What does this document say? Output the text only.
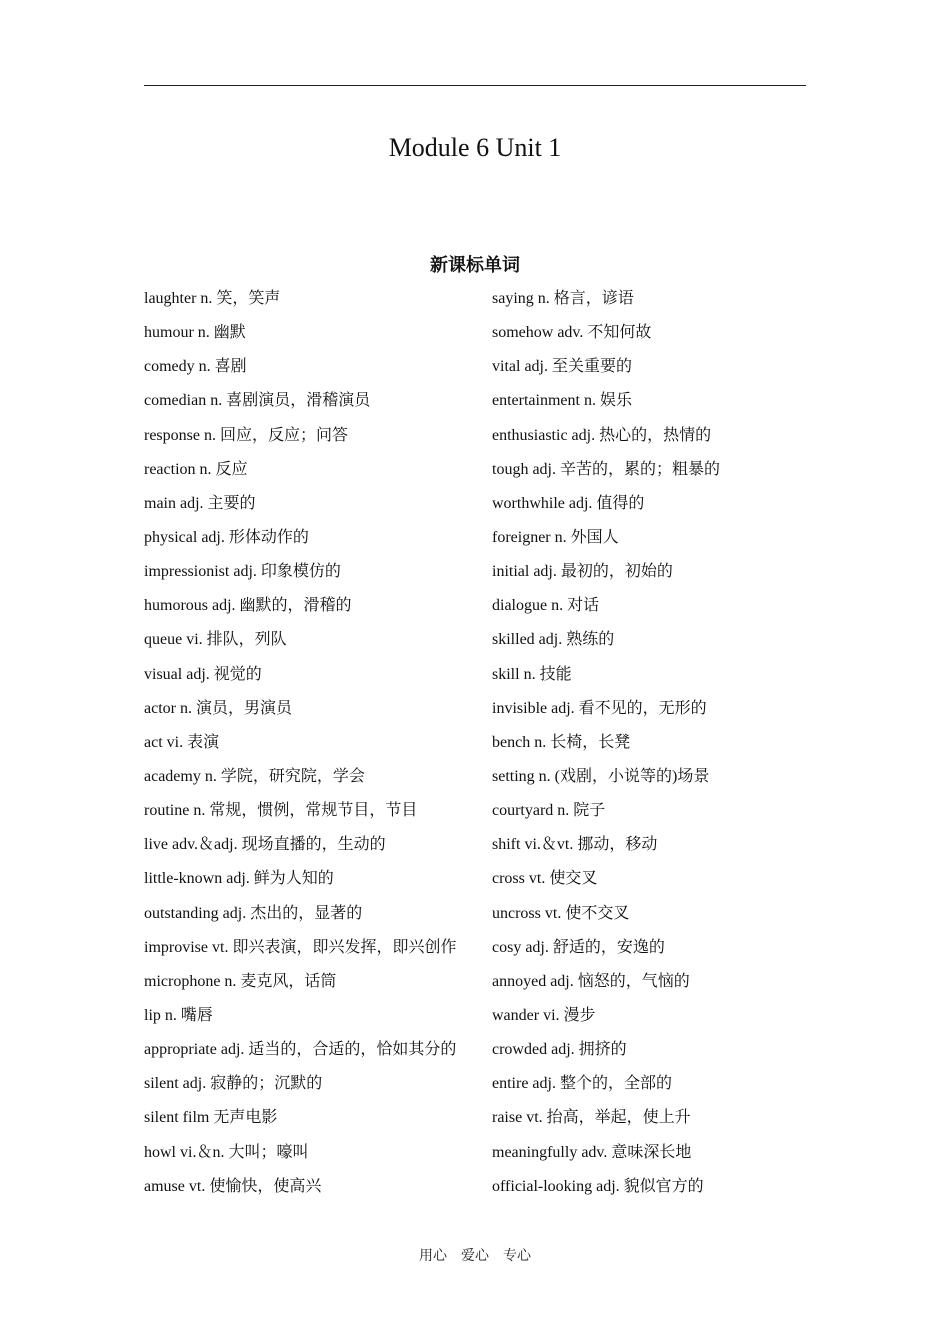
Module 6 Unit 1
新课标单词
laughter n. 笑，笑声
humour n. 幽默
comedy n. 喜剧
comedian n. 喜剧演员，滑稽演员
response n. 回应，反应；问答
reaction n. 反应
main adj. 主要的
physical adj. 形体动作的
impressionist adj. 印象模仿的
humorous adj. 幽默的，滑稽的
queue vi. 排队，列队
visual adj. 视觉的
actor n. 演员，男演员
act vi. 表演
academy n. 学院，研究院，学会
routine n. 常规，惯例，常规节目，节目
live adv.＆adj. 现场直播的，生动的
little-known adj. 鲜为人知的
outstanding adj. 杰出的，显著的
improvise vt. 即兴表演，即兴发挥，即兴创作
microphone n. 麦克风，话筒
lip n. 嘴唇
appropriate adj. 适当的，合适的，恰如其分的
silent adj. 寂静的；沉默的
silent film 无声电影
howl vi.＆n. 大叫；嚎叫
amuse vt. 使愉快，使高兴
saying n. 格言，谚语
somehow adv. 不知何故
vital adj. 至关重要的
entertainment n. 娱乐
enthusiastic adj. 热心的，热情的
tough adj. 辛苦的，累的；粗暴的
worthwhile adj. 值得的
foreigner n. 外国人
initial adj. 最初的，初始的
dialogue n. 对话
skilled adj. 熟练的
skill n. 技能
invisible adj. 看不见的，无形的
bench n. 长椅，长凳
setting n. (戏剧，小说等的)场景
courtyard n. 院子
shift vi.＆vt. 挪动，移动
cross vt. 使交叉
uncross vt. 使不交叉
cosy adj. 舒适的，安逸的
annoyed adj. 恼怒的，气恼的
wander vi. 漫步
crowded adj. 拥挤的
entire adj. 整个的，全部的
raise vt. 抬高，举起，使上升
meaningfully adv. 意味深长地
official-looking adj. 貌似官方的
用心　爱心　专心
